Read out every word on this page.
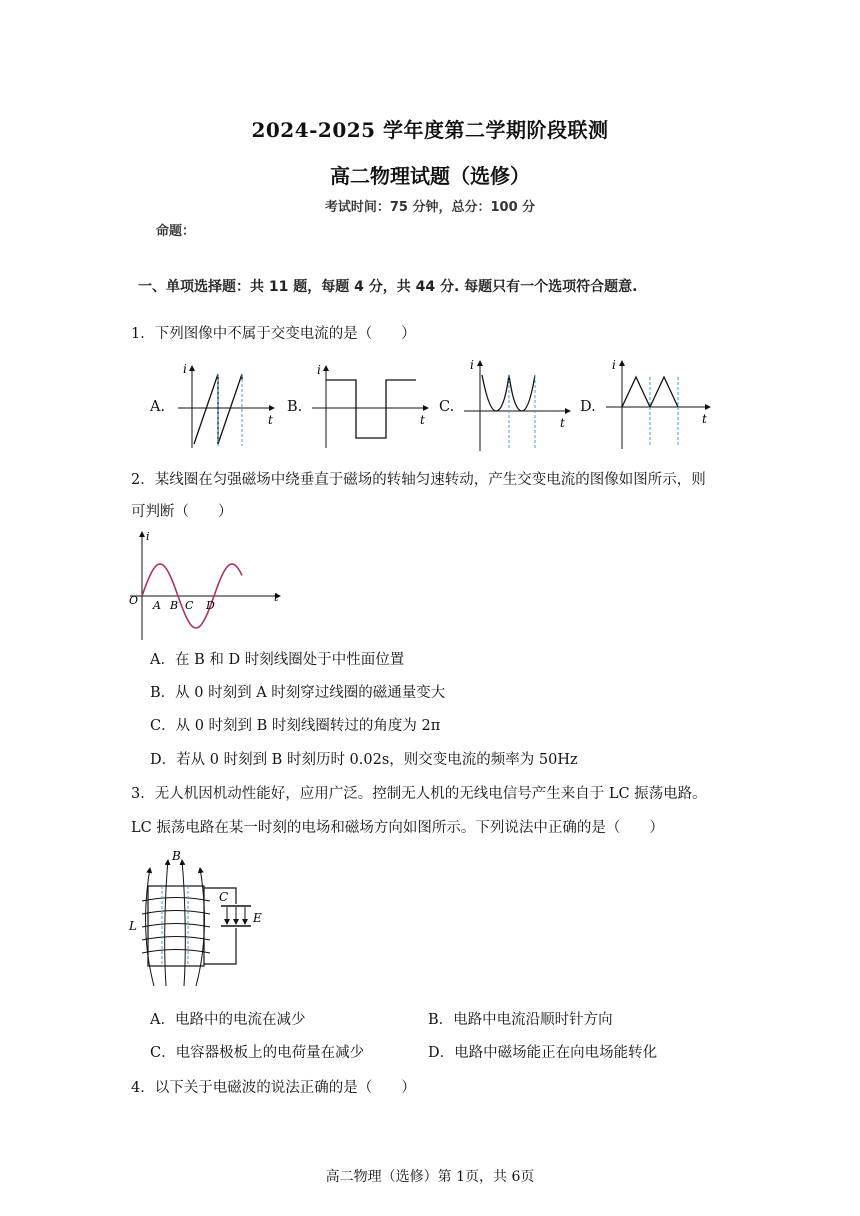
2024-2025 学年度第二学期阶段联测
高二物理试题（选修）
考试时间：75 分钟，总分：100 分
命题：
一、单项选择题：共 11 题，每题 4 分，共 44 分. 每题只有一个选项符合题意.
1．下列图像中不属于交变电流的是（　　）
A.	B.	C.	D.
i
t
i
t
i
t
i
t
2．某线圈在匀强磁场中绕垂直于磁场的转轴匀速转动，产生交变电流的图像如图所示，则
可判断（　　）
i
t
O A B C D
A．在 B 和 D 时刻线圈处于中性面位置
B．从 0 时刻到 A 时刻穿过线圈的磁通量变大
C．从 0 时刻到 B 时刻线圈转过的角度为 2π
D．若从 0 时刻到 B 时刻历时 0.02s，则交变电流的频率为 50Hz
3．无人机因机动性能好，应用广泛。控制无人机的无线电信号产生来自于 LC 振荡电路。
LC 振荡电路在某一时刻的电场和磁场方向如图所示。下列说法中正确的是（　　）
B
L
C
E
A．电路中的电流在减少	B．电路中电流沿顺时针方向
C．电容器极板上的电荷量在减少	D．电路中磁场能正在向电场能转化
4．以下关于电磁波的说法正确的是（　　）
高二物理（选修）第 1页，共 6页
